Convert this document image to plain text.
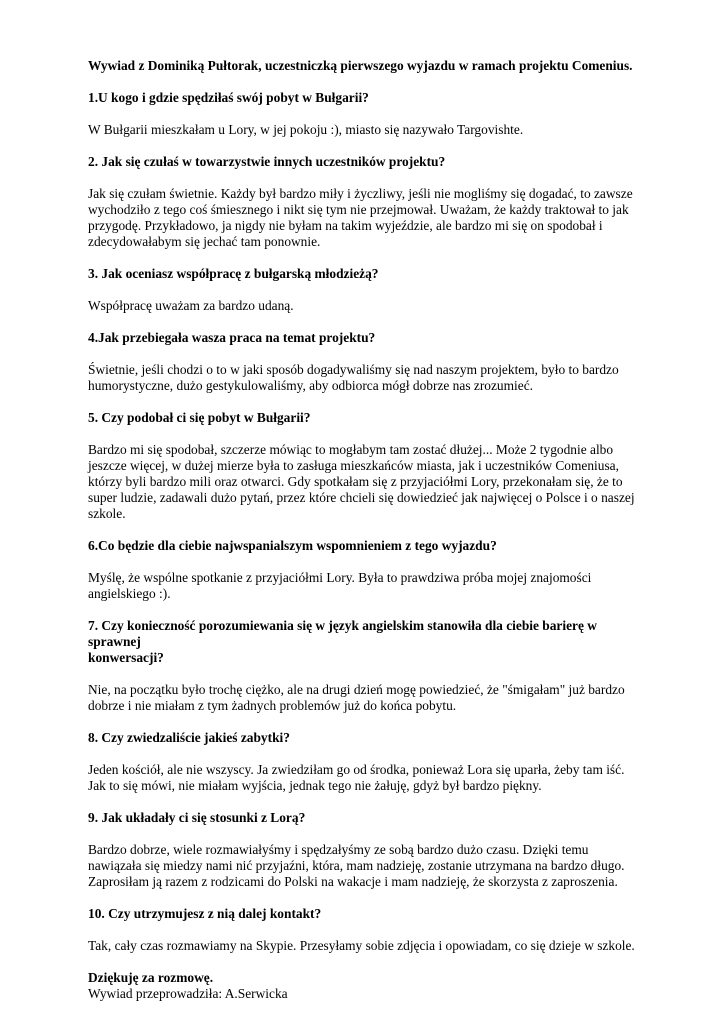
Wywiad z Dominiką Pułtorak, uczestniczką pierwszego wyjazdu w ramach projektu Comenius.

1.U kogo i gdzie spędziłaś swój pobyt w Bułgarii?

W Bułgarii mieszkałam u Lory, w jej pokoju :), miasto się nazywało Targovishte.

2. Jak się czułaś w towarzystwie innych uczestników projektu?

Jak się czułam świetnie. Każdy był bardzo miły i życzliwy, jeśli nie mogliśmy się dogadać, to zawsze wychodziło z tego coś śmiesznego i nikt się tym nie przejmował. Uważam, że każdy traktował to jak przygodę. Przykładowo, ja nigdy nie byłam na takim wyjeździe, ale bardzo mi się on spodobał i zdecydowałabym się jechać tam ponownie.

3. Jak oceniasz współpracę z bułgarską młodzieżą?

Współpracę uważam za bardzo udaną.

4.Jak przebiegała wasza praca na temat projektu?

Świetnie, jeśli chodzi o to w jaki sposób dogadywaliśmy się nad naszym projektem, było to bardzo humorystyczne, dużo gestykulowaliśmy, aby odbiorca mógł dobrze nas zrozumieć.

5. Czy podobał ci się pobyt w Bułgarii?

Bardzo mi się spodobał, szczerze mówiąc to mogłabym tam zostać dłużej... Może 2 tygodnie albo jeszcze więcej, w dużej mierze była to zasługa mieszkańców miasta, jak i uczestników Comeniusa, którzy byli bardzo mili oraz otwarci. Gdy spotkałam się z przyjaciółmi Lory, przekonałam się, że to super ludzie, zadawali dużo pytań, przez które chcieli się dowiedzieć jak najwięcej o Polsce i o naszej szkole.

6.Co będzie dla ciebie najwspanialszym wspomnieniem z tego wyjazdu?

Myślę, że wspólne spotkanie z przyjaciółmi Lory. Była to prawdziwa próba mojej znajomości angielskiego :).

7. Czy konieczność porozumiewania się w język angielskim stanowiła dla ciebie barierę w sprawnej
konwersacji?

Nie, na początku było trochę ciężko, ale na drugi dzień mogę powiedzieć, że "śmigałam" już bardzo dobrze i nie miałam z tym żadnych problemów już do końca pobytu.

8. Czy zwiedzaliście jakieś zabytki?

Jeden kościół, ale nie wszyscy. Ja zwiedziłam go od środka, ponieważ Lora się uparła, żeby tam iść. Jak to się mówi, nie miałam wyjścia, jednak tego nie żałuję, gdyż był bardzo piękny.

9. Jak układały ci się stosunki z Lorą?

Bardzo dobrze, wiele rozmawiałyśmy i spędzałyśmy ze sobą bardzo dużo czasu. Dzięki temu nawiązała się miedzy nami nić przyjaźni, która, mam nadzieję, zostanie utrzymana na bardzo długo. Zaprosiłam ją razem z rodzicami do Polski na wakacje i mam nadzieję, że skorzysta z zaproszenia.

10. Czy utrzymujesz z nią dalej kontakt?

Tak, cały czas rozmawiamy na Skypie. Przesyłamy sobie zdjęcia i opowiadam, co się dzieje w szkole.

Dziękuję za rozmowę.

Wywiad przeprowadziła: A.Serwicka
